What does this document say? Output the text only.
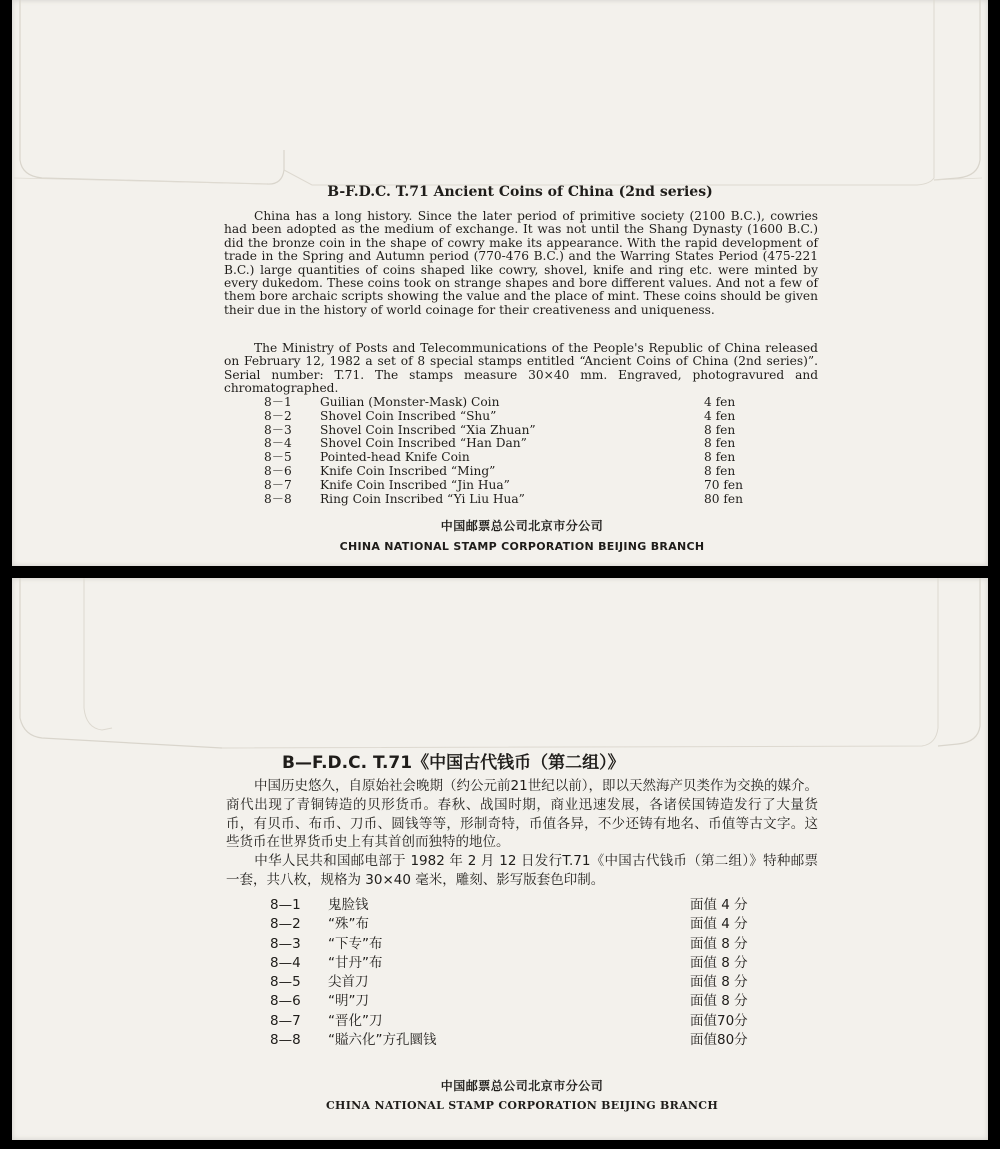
B-F.D.C. T.71 Ancient Coins of China (2nd series)
China has a long history. Since the later period of primitive society (2100 B.C.), cowries had been adopted as the medium of exchange. It was not until the Shang Dynasty (1600 B.C.) did the bronze coin in the shape of cowry make its appearance. With the rapid development of trade in the Spring and Autumn period (770-476 B.C.) and the Warring States Period (475-221 B.C.) large quantities of coins shaped like cowry, shovel, knife and ring etc. were minted by every dukedom. These coins took on strange shapes and bore different values. And not a few of them bore archaic scripts showing the value and the place of mint. These coins should be given their due in the history of world coinage for their creativeness and uniqueness.
The Ministry of Posts and Telecommunications of the People's Republic of China released on February 12, 1982 a set of 8 special stamps entitled “Ancient Coins of China (2nd series)”. Serial number: T.71. The stamps measure 30×40 mm. Engraved, photogravured and chromatographed.
8－1	Guilian (Monster-Mask) Coin	4 fen
8－2	Shovel Coin Inscribed “Shu”	4 fen
8－3	Shovel Coin Inscribed “Xia Zhuan”	8 fen
8－4	Shovel Coin Inscribed “Han Dan”	8 fen
8－5	Pointed-head Knife Coin	8 fen
8－6	Knife Coin Inscribed “Ming”	8 fen
8－7	Knife Coin Inscribed “Jin Hua”	70 fen
8－8	Ring Coin Inscribed “Yi Liu Hua”	80 fen
中国邮票总公司北京市分公司
CHINA NATIONAL STAMP CORPORATION BEIJING BRANCH
B—F.D.C. T.71《中国古代钱币（第二组）》
中国历史悠久，自原始社会晚期（约公元前21世纪以前），即以天然海产贝类作为交换的媒介。商代出现了青铜铸造的贝形货币。春秋、战国时期，商业迅速发展，各诸侯国铸造发行了大量货币，有贝币、布币、刀币、圆钱等等，形制奇特，币值各异，不少还铸有地名、币值等古文字。这些货币在世界货币史上有其首创而独特的地位。
中华人民共和国邮电部于 1982 年 2 月 12 日发行T.71《中国古代钱币（第二组）》特种邮票一套，共八枚，规格为 30×40 毫米，雕刻、影写版套色印制。
8—1	鬼脸钱	面值 4 分
8—2	“殊”布	面值 4 分
8—3	“下专”布	面值 8 分
8—4	“甘丹”布	面值 8 分
8—5	尖首刀	面值 8 分
8—6	“明”刀	面值 8 分
8—7	“晋化”刀	面值70分
8—8	“賹六化”方孔圜钱	面值80分
中国邮票总公司北京市分公司
CHINA NATIONAL STAMP CORPORATION BEIJING BRANCH
